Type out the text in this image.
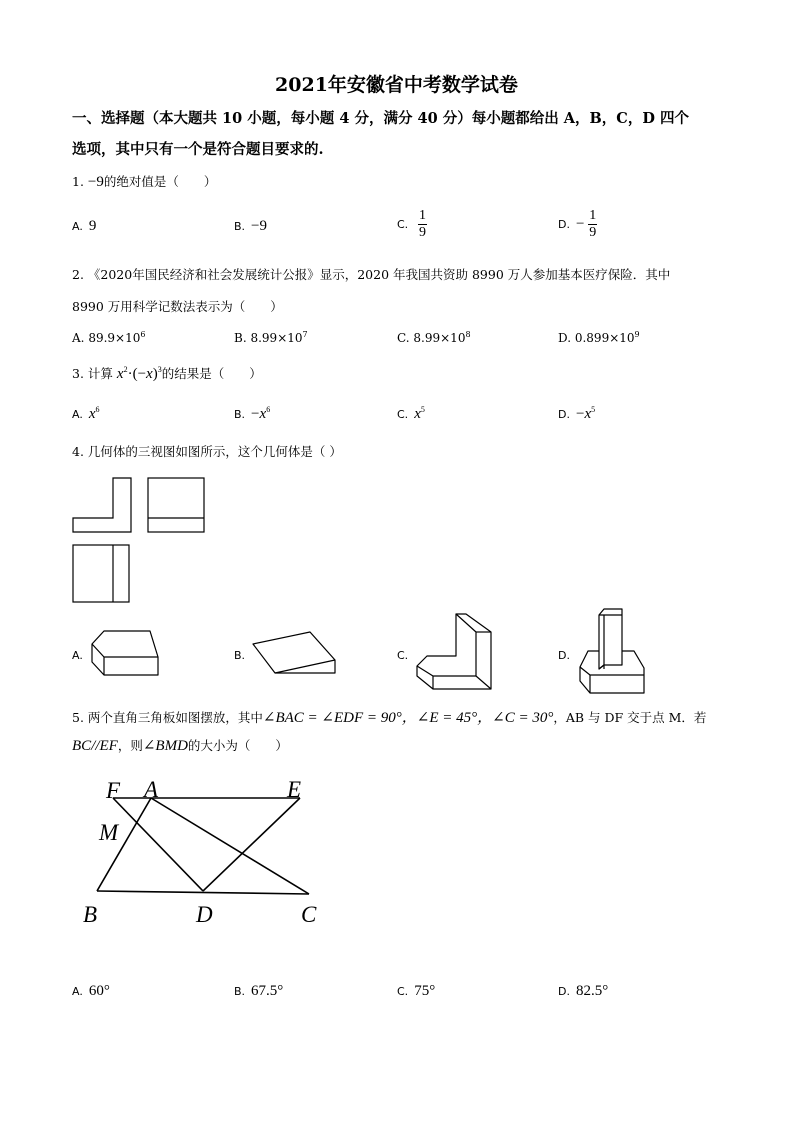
2021年安徽省中考数学试卷
一、选择题（本大题共 10 小题，每小题 4 分，满分 40 分）每小题都给出 A，B，C，D 四个
选项，其中只有一个是符合题目要求的.
1. −9的绝对值是（　　）
A. 9	B. −9	C. $\frac{1}{9}$	D. − $\frac{1}{9}$
2. 《2020年国民经济和社会发展统计公报》显示，2020 年我国共资助 8990 万人参加基本医疗保险．其中
8990 万用科学记数法表示为（　　）
A. $89.9\times 10^6$	B. $8.99\times 10^7$	C. $8.99\times 10^8$	D. $0.899\times 10^9$
3. 计算 $x^2\cdot(-x)^3$的结果是（　　）
A. $x^6$	B. $-x^6$	C. $x^5$	D. $-x^5$
4. 几何体的三视图如图所示，这个几何体是（ ）
A.	B.	C.	D.
5. 两个直角三角板如图摆放，其中∠BAC = ∠EDF = 90°，∠E = 45°，∠C = 30°，AB 与 DF 交于点 M．若
BC//EF，则∠BMD的大小为（　　）
F A	E
M
B	D	C
A. 60°	B. 67.5°	C. 75°	D. 82.5°
